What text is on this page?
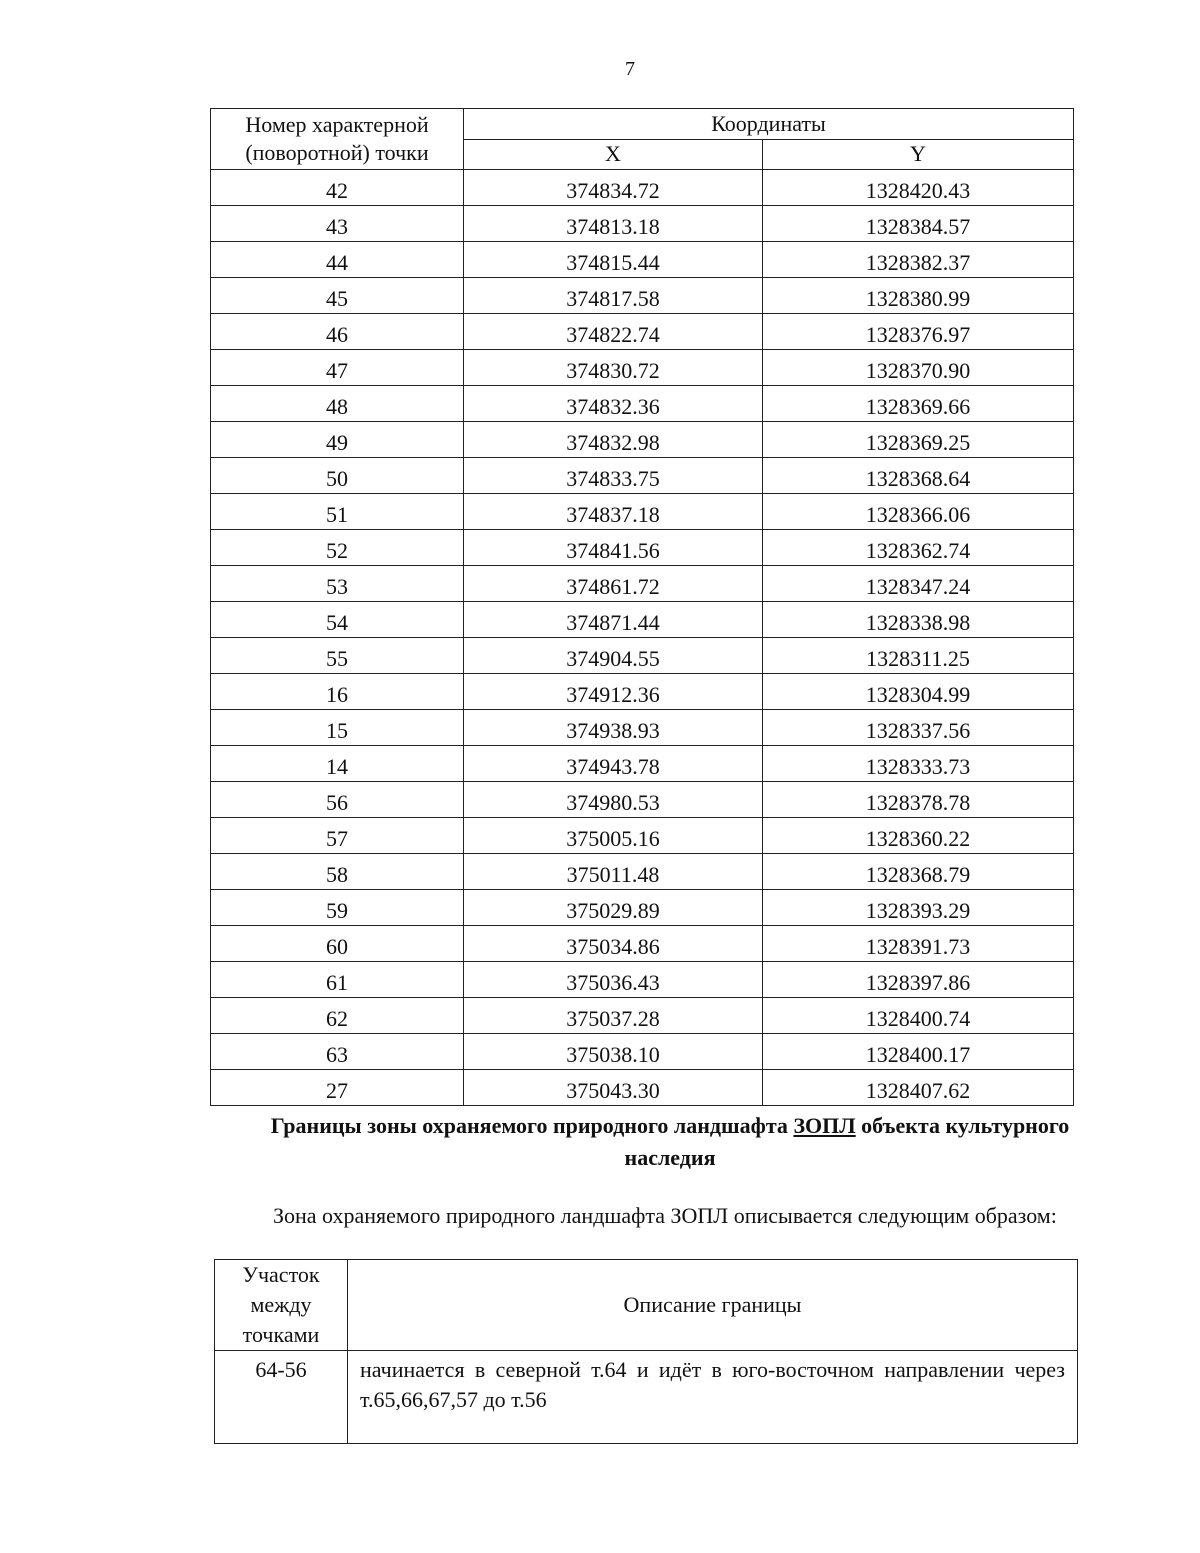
7
Номер характерной (поворотной) точки	Координаты	
	X	Y
42	374834.72	1328420.43
43	374813.18	1328384.57
44	374815.44	1328382.37
45	374817.58	1328380.99
46	374822.74	1328376.97
47	374830.72	1328370.90
48	374832.36	1328369.66
49	374832.98	1328369.25
50	374833.75	1328368.64
51	374837.18	1328366.06
52	374841.56	1328362.74
53	374861.72	1328347.24
54	374871.44	1328338.98
55	374904.55	1328311.25
16	374912.36	1328304.99
15	374938.93	1328337.56
14	374943.78	1328333.73
56	374980.53	1328378.78
57	375005.16	1328360.22
58	375011.48	1328368.79
59	375029.89	1328393.29
60	375034.86	1328391.73
61	375036.43	1328397.86
62	375037.28	1328400.74
63	375038.10	1328400.17
27	375043.30	1328407.62
Границы зоны охраняемого природного ландшафта ЗОПЛ объекта культурного наследия
Зона охраняемого природного ландшафта ЗОПЛ описывается следующим образом:
Участок между точками	Описание границы
64-56	начинается в северной т.64 и идёт в юго-восточном направлении через т.65,66,67,57 до т.56
